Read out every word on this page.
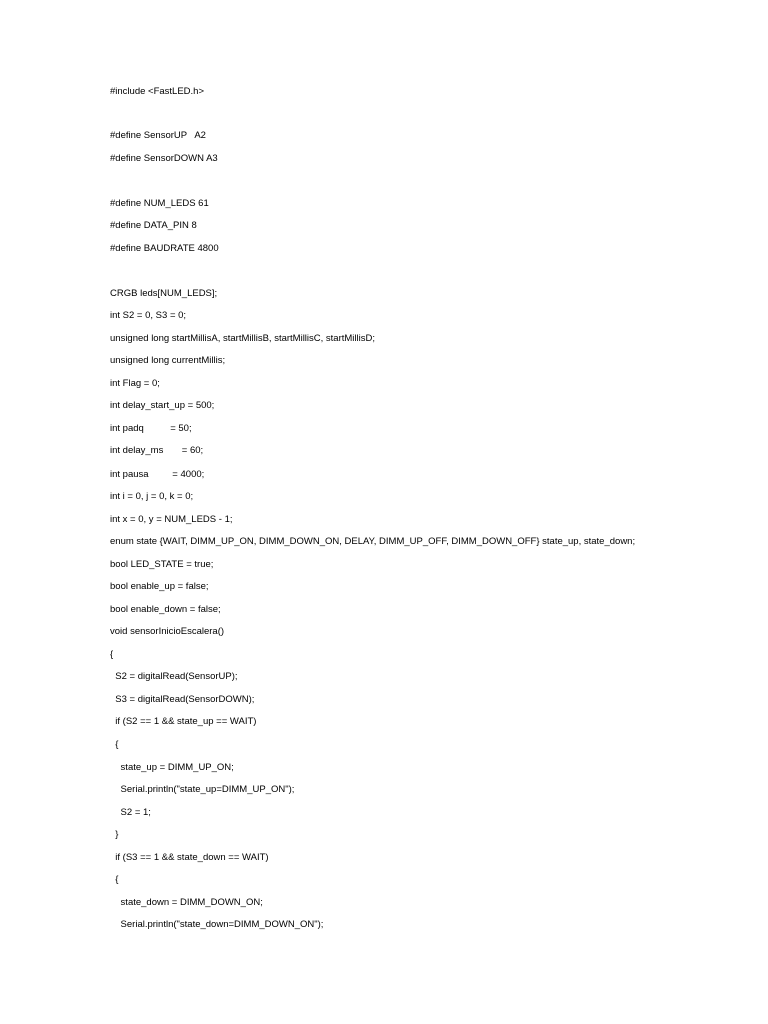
#include <FastLED.h>
#define SensorUP   A2
#define SensorDOWN A3
#define NUM_LEDS 61
#define DATA_PIN 8
#define BAUDRATE 4800
CRGB leds[NUM_LEDS];
int S2 = 0, S3 = 0;
unsigned long startMillisA, startMillisB, startMillisC, startMillisD;
unsigned long currentMillis;
int Flag = 0;
int delay_start_up = 500;
int padq          = 50;
int delay_ms       = 60;
int pausa         = 4000;
int i = 0, j = 0, k = 0;
int x = 0, y = NUM_LEDS - 1;
enum state {WAIT, DIMM_UP_ON, DIMM_DOWN_ON, DELAY, DIMM_UP_OFF, DIMM_DOWN_OFF} state_up, state_down;
bool LED_STATE = true;
bool enable_up = false;
bool enable_down = false;
void sensorInicioEscalera()
{
S2 = digitalRead(SensorUP);
S3 = digitalRead(SensorDOWN);
if (S2 == 1 && state_up == WAIT)
{
state_up = DIMM_UP_ON;
Serial.println("state_up=DIMM_UP_ON");
S2 = 1;
}
if (S3 == 1 && state_down == WAIT)
{
state_down = DIMM_DOWN_ON;
Serial.println("state_down=DIMM_DOWN_ON");
